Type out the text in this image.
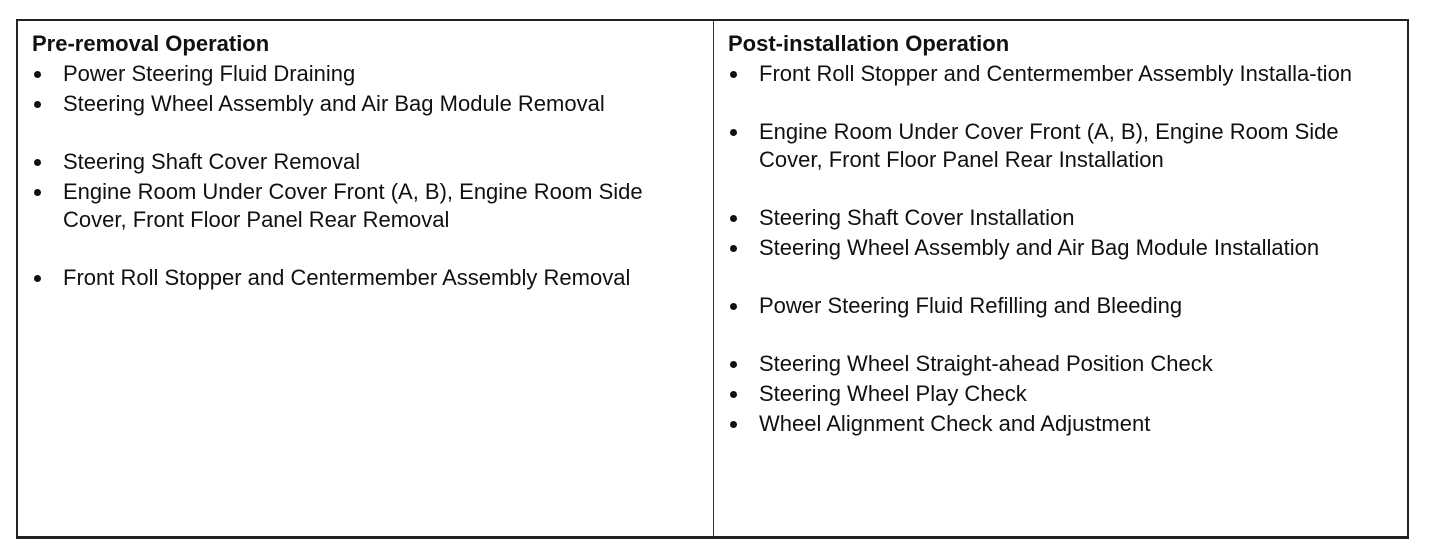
Pre-removal Operation
Power Steering Fluid Draining
Steering Wheel Assembly and Air Bag Module Removal
Steering Shaft Cover Removal
Engine Room Under Cover Front (A, B), Engine Room Side Cover, Front Floor Panel Rear Removal
Front Roll Stopper and Centermember Assembly Removal
Post-installation Operation
Front Roll Stopper and Centermember Assembly Installa-tion
Engine Room Under Cover Front (A, B), Engine Room Side Cover, Front Floor Panel Rear Installation
Steering Shaft Cover Installation
Steering Wheel Assembly and Air Bag Module Installation
Power Steering Fluid Refilling and Bleeding
Steering Wheel Straight-ahead Position Check
Steering Wheel Play Check
Wheel Alignment Check and Adjustment
